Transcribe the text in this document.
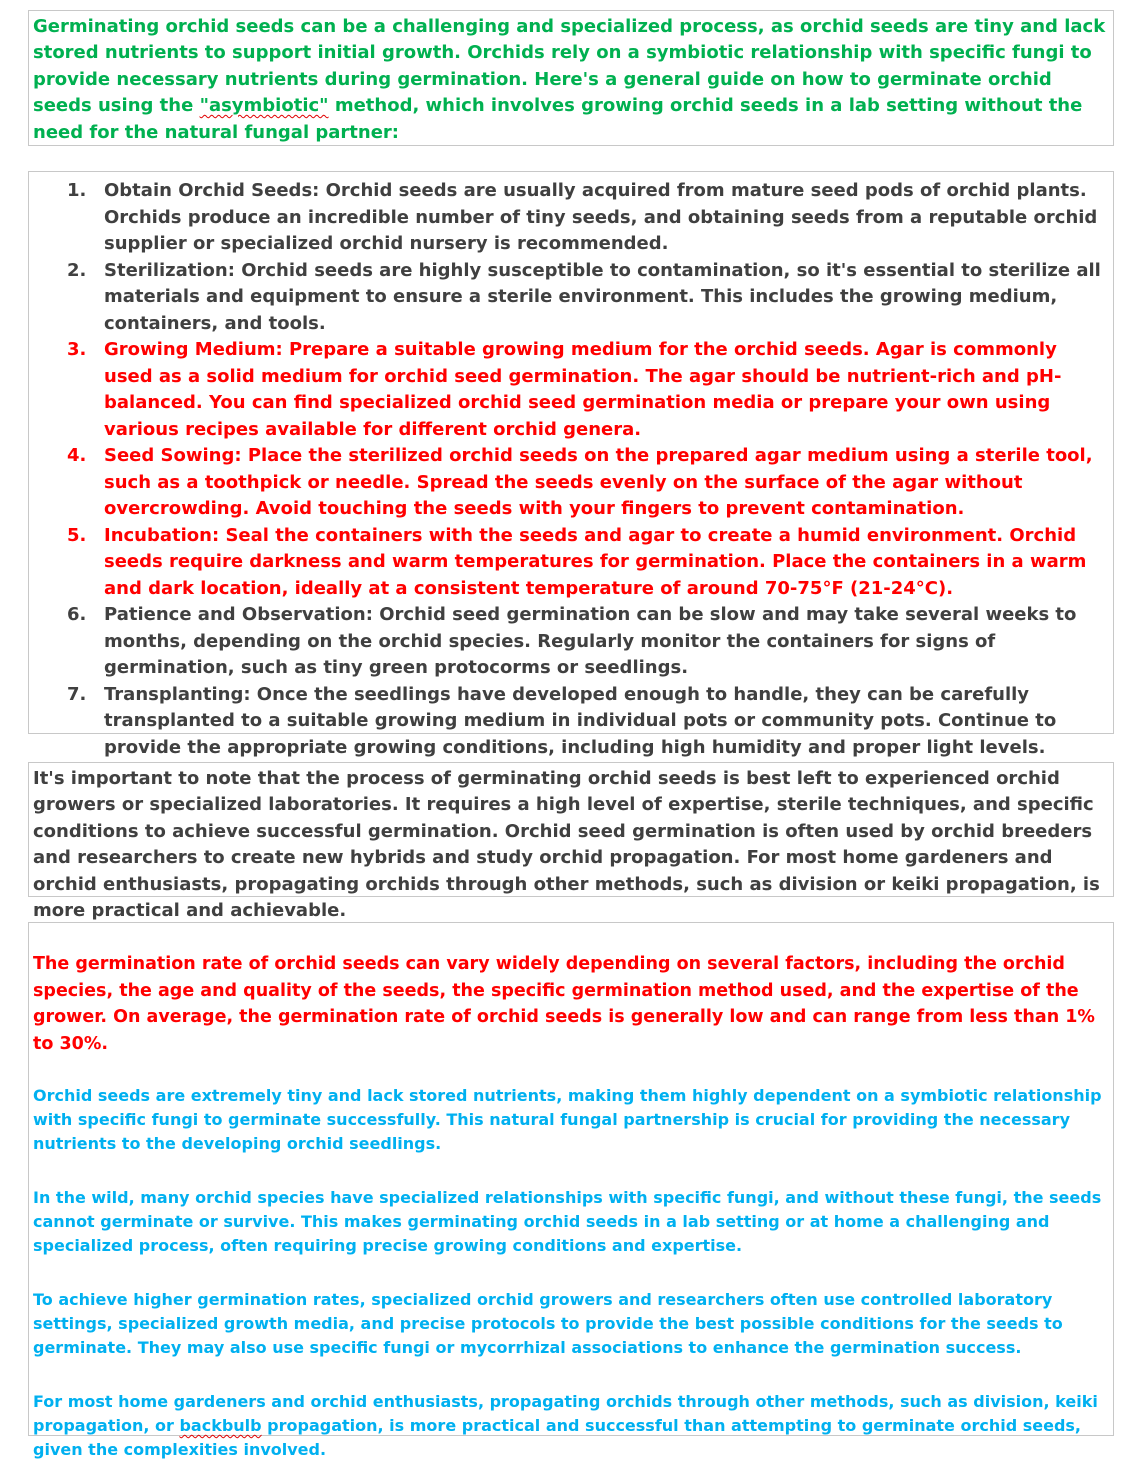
Germinating orchid seeds can be a challenging and specialized process, as orchid seeds are tiny and lack stored nutrients to support initial growth. Orchids rely on a symbiotic relationship with specific fungi to provide necessary nutrients during germination. Here's a general guide on how to germinate orchid seeds using the "asymbiotic" method, which involves growing orchid seeds in a lab setting without the need for the natural fungal partner:

1. Obtain Orchid Seeds: Orchid seeds are usually acquired from mature seed pods of orchid plants. Orchids produce an incredible number of tiny seeds, and obtaining seeds from a reputable orchid supplier or specialized orchid nursery is recommended.
2. Sterilization: Orchid seeds are highly susceptible to contamination, so it's essential to sterilize all materials and equipment to ensure a sterile environment. This includes the growing medium, containers, and tools.
3. Growing Medium: Prepare a suitable growing medium for the orchid seeds. Agar is commonly used as a solid medium for orchid seed germination. The agar should be nutrient-rich and pH-balanced. You can find specialized orchid seed germination media or prepare your own using various recipes available for different orchid genera.
4. Seed Sowing: Place the sterilized orchid seeds on the prepared agar medium using a sterile tool, such as a toothpick or needle. Spread the seeds evenly on the surface of the agar without overcrowding. Avoid touching the seeds with your fingers to prevent contamination.
5. Incubation: Seal the containers with the seeds and agar to create a humid environment. Orchid seeds require darkness and warm temperatures for germination. Place the containers in a warm and dark location, ideally at a consistent temperature of around 70-75°F (21-24°C).
6. Patience and Observation: Orchid seed germination can be slow and may take several weeks to months, depending on the orchid species. Regularly monitor the containers for signs of germination, such as tiny green protocorms or seedlings.
7. Transplanting: Once the seedlings have developed enough to handle, they can be carefully transplanted to a suitable growing medium in individual pots or community pots. Continue to provide the appropriate growing conditions, including high humidity and proper light levels.

It's important to note that the process of germinating orchid seeds is best left to experienced orchid growers or specialized laboratories. It requires a high level of expertise, sterile techniques, and specific conditions to achieve successful germination. Orchid seed germination is often used by orchid breeders and researchers to create new hybrids and study orchid propagation. For most home gardeners and orchid enthusiasts, propagating orchids through other methods, such as division or keiki propagation, is more practical and achievable.

The germination rate of orchid seeds can vary widely depending on several factors, including the orchid species, the age and quality of the seeds, the specific germination method used, and the expertise of the grower. On average, the germination rate of orchid seeds is generally low and can range from less than 1% to 30%.

Orchid seeds are extremely tiny and lack stored nutrients, making them highly dependent on a symbiotic relationship with specific fungi to germinate successfully. This natural fungal partnership is crucial for providing the necessary nutrients to the developing orchid seedlings.

In the wild, many orchid species have specialized relationships with specific fungi, and without these fungi, the seeds cannot germinate or survive. This makes germinating orchid seeds in a lab setting or at home a challenging and specialized process, often requiring precise growing conditions and expertise.

To achieve higher germination rates, specialized orchid growers and researchers often use controlled laboratory settings, specialized growth media, and precise protocols to provide the best possible conditions for the seeds to germinate. They may also use specific fungi or mycorrhizal associations to enhance the germination success.

For most home gardeners and orchid enthusiasts, propagating orchids through other methods, such as division, keiki propagation, or backbulb propagation, is more practical and successful than attempting to germinate orchid seeds, given the complexities involved.
